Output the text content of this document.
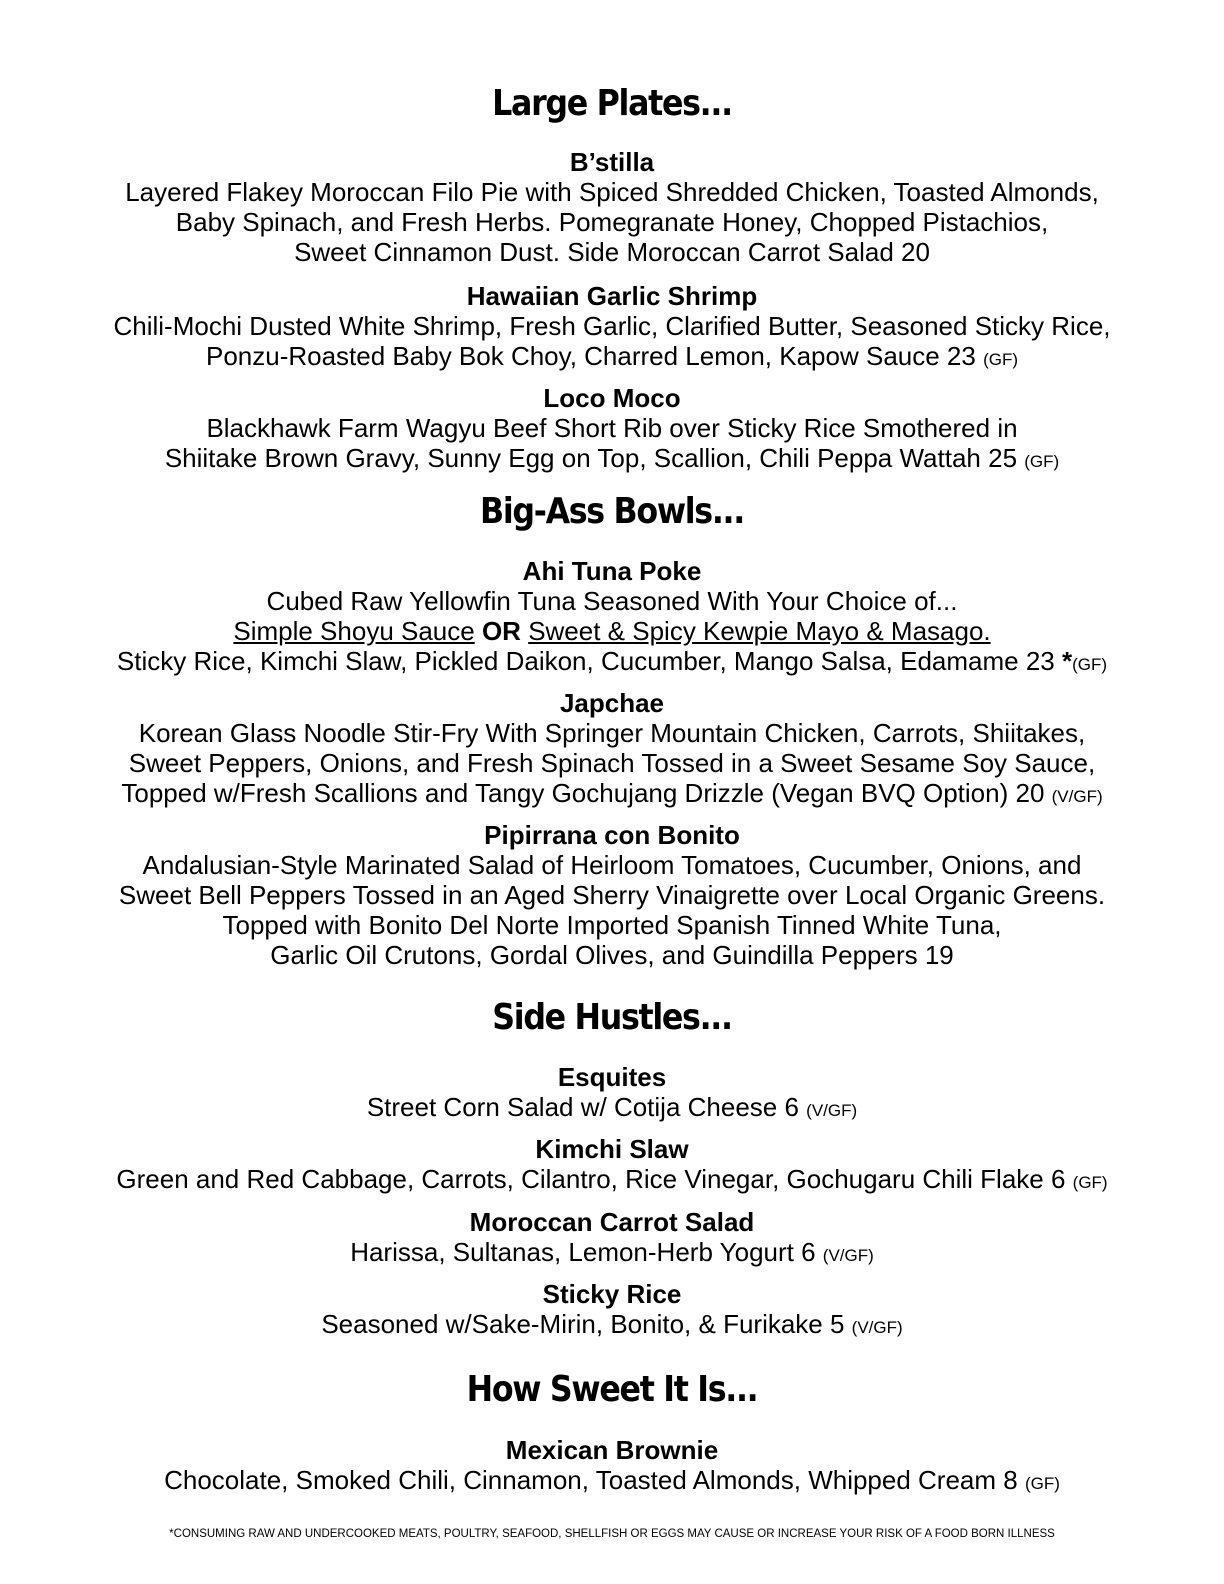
Large Plates...
B’stilla
Layered Flakey Moroccan Filo Pie with Spiced Shredded Chicken, Toasted Almonds,
Baby Spinach, and Fresh Herbs. Pomegranate Honey, Chopped Pistachios,
Sweet Cinnamon Dust. Side Moroccan Carrot Salad 20
Hawaiian Garlic Shrimp
Chili-Mochi Dusted White Shrimp, Fresh Garlic, Clarified Butter, Seasoned Sticky Rice,
Ponzu-Roasted Baby Bok Choy, Charred Lemon, Kapow Sauce 23 (GF)
Loco Moco
Blackhawk Farm Wagyu Beef Short Rib over Sticky Rice Smothered in
Shiitake Brown Gravy, Sunny Egg on Top, Scallion, Chili Peppa Wattah 25 (GF)
Big-Ass Bowls...
Ahi Tuna Poke
Cubed Raw Yellowfin Tuna Seasoned With Your Choice of...
Simple Shoyu Sauce OR Sweet & Spicy Kewpie Mayo & Masago.
Sticky Rice, Kimchi Slaw, Pickled Daikon, Cucumber, Mango Salsa, Edamame 23 *(GF)
Japchae
Korean Glass Noodle Stir-Fry With Springer Mountain Chicken, Carrots, Shiitakes,
Sweet Peppers, Onions, and Fresh Spinach Tossed in a Sweet Sesame Soy Sauce,
Topped w/Fresh Scallions and Tangy Gochujang Drizzle (Vegan BVQ Option) 20 (V/GF)
Pipirrana con Bonito
Andalusian-Style Marinated Salad of Heirloom Tomatoes, Cucumber, Onions, and
Sweet Bell Peppers Tossed in an Aged Sherry Vinaigrette over Local Organic Greens.
Topped with Bonito Del Norte Imported Spanish Tinned White Tuna,
Garlic Oil Crutons, Gordal Olives, and Guindilla Peppers 19
Side Hustles...
Esquites
Street Corn Salad w/ Cotija Cheese 6 (V/GF)
Kimchi Slaw
Green and Red Cabbage, Carrots, Cilantro, Rice Vinegar, Gochugaru Chili Flake 6 (GF)
Moroccan Carrot Salad
Harissa, Sultanas, Lemon-Herb Yogurt 6 (V/GF)
Sticky Rice
Seasoned w/Sake-Mirin, Bonito, & Furikake 5 (V/GF)
How Sweet It Is...
Mexican Brownie
Chocolate, Smoked Chili, Cinnamon, Toasted Almonds, Whipped Cream 8 (GF)
*CONSUMING RAW AND UNDERCOOKED MEATS, POULTRY, SEAFOOD, SHELLFISH OR EGGS MAY CAUSE OR INCREASE YOUR RISK OF A FOOD BORN ILLNESS
